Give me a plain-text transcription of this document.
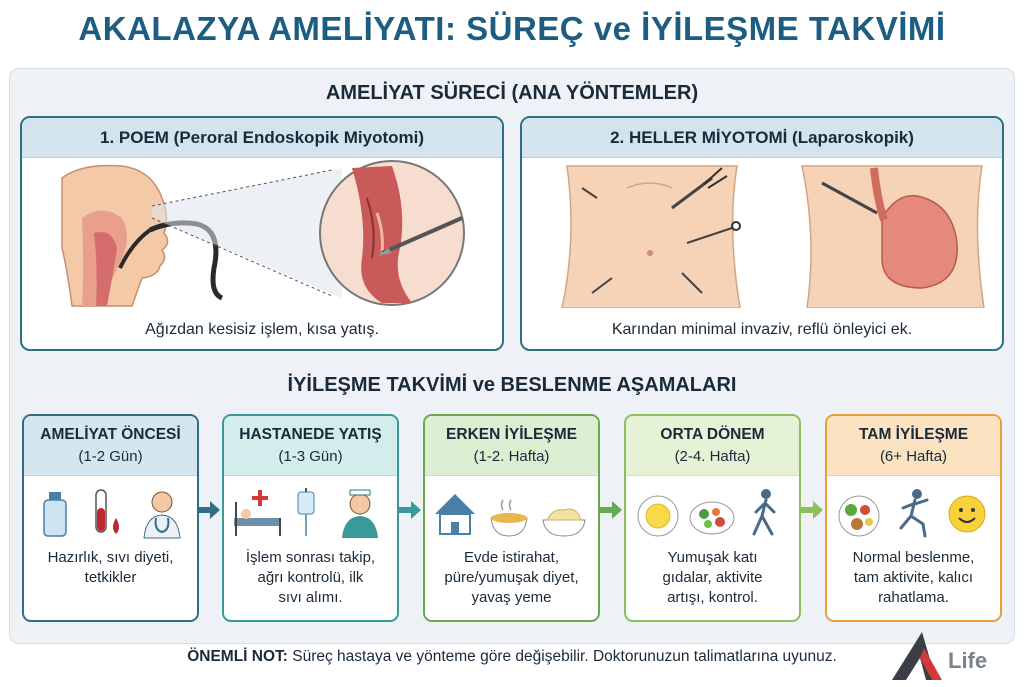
AKALAZYA AMELİYATI: SÜREÇ ve İYİLEŞME TAKVİMİ
AMELİYAT SÜRECİ (ANA YÖNTEMLER)
1. POEM (Peroral Endoskopik Miyotomi)
Ağızdan kesisiz işlem, kısa yatış.
2. HELLER MİYOTOMİ (Laparoskopik)
Karından minimal invaziv, reflü önleyici ek.
İYİLEŞME TAKVİMİ ve BESLENME AŞAMALARI
AMELİYAT ÖNCESİ
(1-2 Gün)
Hazırlık, sıvı diyeti,
tetkikler
HASTANEDE YATIŞ
(1-3 Gün)
İşlem sonrası takip,
ağrı kontrolü, ilk
sıvı alımı.
ERKEN İYİLEŞME
(1-2. Hafta)
Evde istirahat,
püre/yumuşak diyet,
yavaş yeme
ORTA DÖNEM
(2-4. Hafta)
Yumuşak katı
gıdalar, aktivite
artışı, kontrol.
TAM İYİLEŞME
(6+ Hafta)
Normal beslenme,
tam aktivite, kalıcı
rahatlama.
ÖNEMLİ NOT: Süreç hastaya ve yönteme göre değişebilir. Doktorunuzun talimatlarına uyunuz.	Life
